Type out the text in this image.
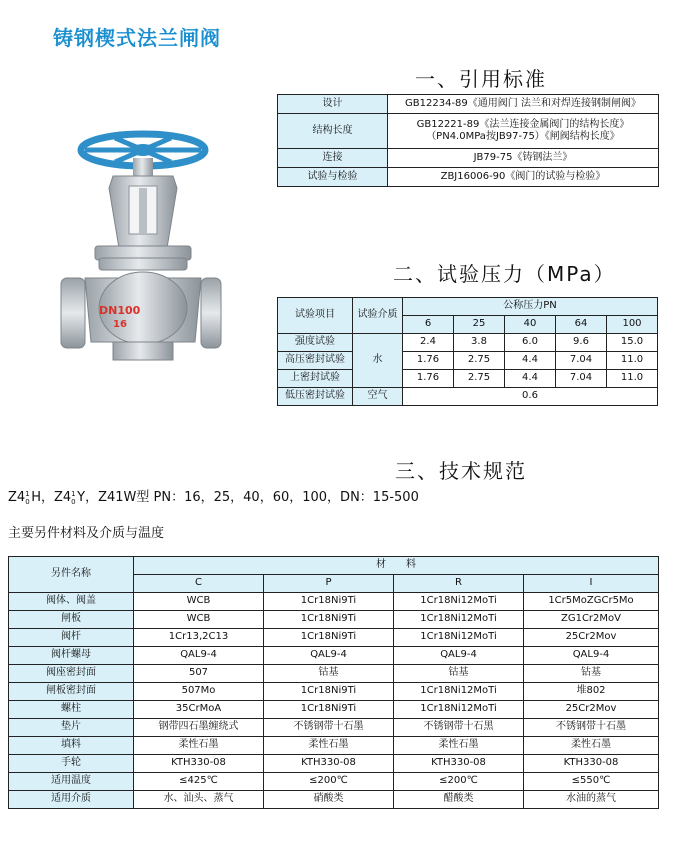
铸钢楔式法兰闸阀
一、引用标准
设计	GB12234-89《通用阀门 法兰和对焊连接钢制闸阀》

结构长度	GB12221-89《法兰连接金属阀门的结构长度》
（PN4.0MPa按JB97-75）《闸阀结构长度》

连接	JB79-75《铸钢法兰》

试验与检验	ZBJ16006-90《阀门的试验与检验》
DN100
16
二、试验压力（MPa）
试验项目	试验介质	公称压力PN				
		6	25	40	64	100
强度试验	水	2.4	3.8	6.0	9.6	15.0
高压密封试验		1.76	2.75	4.4	7.04	11.0
上密封试验		1.76	2.75	4.4	7.04	11.0
低压密封试验	空气	0.6				
三、技术规范
Z4 1
0 H，Z4 1
0 Y，Z41W型 PN：16，25，40，60，100，DN：15-500
主要另件材料及介质与温度
另件名称	材　　料			
	C	P	R	I
阀体、阀盖	WCB	1Cr18Ni9Ti	1Cr18Ni12MoTi	1Cr5MoZGCr5Mo
闸板	WCB	1Cr18Ni9Ti	1Cr18Ni12MoTi	ZG1Cr2MoV
阀杆	1Cr13,2C13	1Cr18Ni9Ti	1Cr18Ni12MoTi	25Cr2Mov
阀杆螺母	QAL9-4	QAL9-4	QAL9-4	QAL9-4
阀座密封面	507	钴基	钴基	钴基
闸板密封面	507Mo	1Cr18Ni9Ti	1Cr18Ni12MoTi	堆802
螺柱	35CrMoA	1Cr18Ni9Ti	1Cr18Ni12MoTi	25Cr2Mov
垫片	钢带四石墨缠绕式	不锈钢带十石墨	不锈钢带十石黑	不锈钢带十石墨
填料	柔性石墨	柔性石墨	柔性石墨	柔性石墨
手轮	KTH330-08	KTH330-08	KTH330-08	KTH330-08
适用温度	≤425℃	≤200℃	≤200℃	≤550℃
适用介质	水、汕头、蒸气	硝酸类	醋酸类	水油的蒸气
